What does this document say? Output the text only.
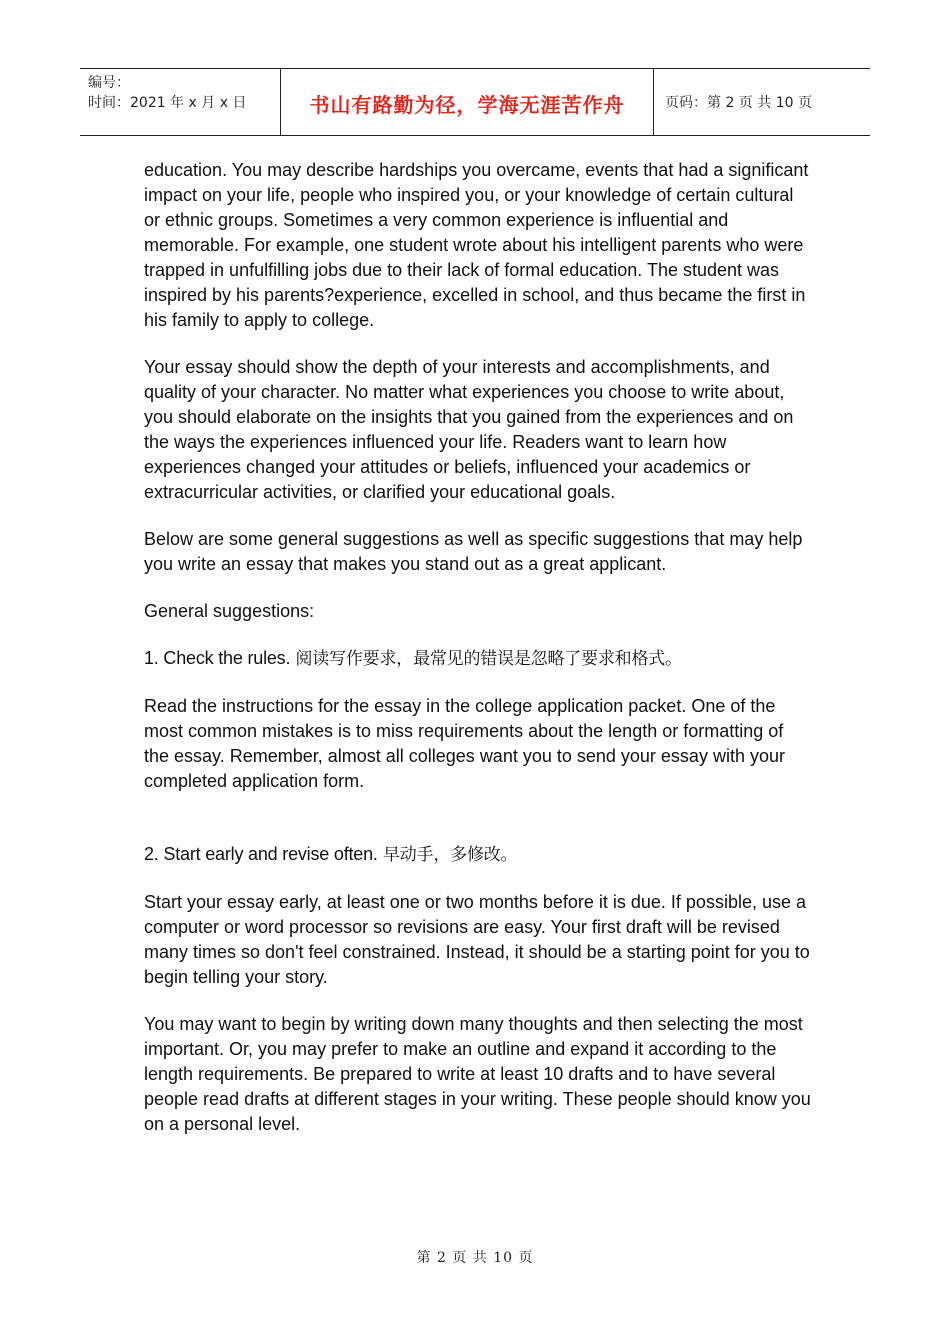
编号：
时间：2021 年 x 月 x 日	书山有路勤为径，学海无涯苦作舟	页码：第 2 页 共 10 页

education. You may describe hardships you overcame, events that had a significant impact on your life, people who inspired you, or your knowledge of certain cultural or ethnic groups. Sometimes a very common experience is influential and memorable. For example, one student wrote about his intelligent parents who were trapped in unfulfilling jobs due to their lack of formal education. The student was inspired by his parents?experience, excelled in school, and thus became the first in his family to apply to college.

Your essay should show the depth of your interests and accomplishments, and quality of your character. No matter what experiences you choose to write about, you should elaborate on the insights that you gained from the experiences and on the ways the experiences influenced your life. Readers want to learn how experiences changed your attitudes or beliefs, influenced your academics or extracurricular activities, or clarified your educational goals.

Below are some general suggestions as well as specific suggestions that may help you write an essay that makes you stand out as a great applicant.

General suggestions:

1. Check the rules. 阅读写作要求，最常见的错误是忽略了要求和格式。

Read the instructions for the essay in the college application packet. One of the most common mistakes is to miss requirements about the length or formatting of the essay. Remember, almost all colleges want you to send your essay with your completed application form.

2. Start early and revise often. 早动手，多修改。

Start your essay early, at least one or two months before it is due. If possible, use a computer or word processor so revisions are easy. Your first draft will be revised many times so don't feel constrained. Instead, it should be a starting point for you to begin telling your story.

You may want to begin by writing down many thoughts and then selecting the most important. Or, you may prefer to make an outline and expand it according to the length requirements. Be prepared to write at least 10 drafts and to have several people read drafts at different stages in your writing. These people should know you on a personal level.

第 2 页 共 10 页
